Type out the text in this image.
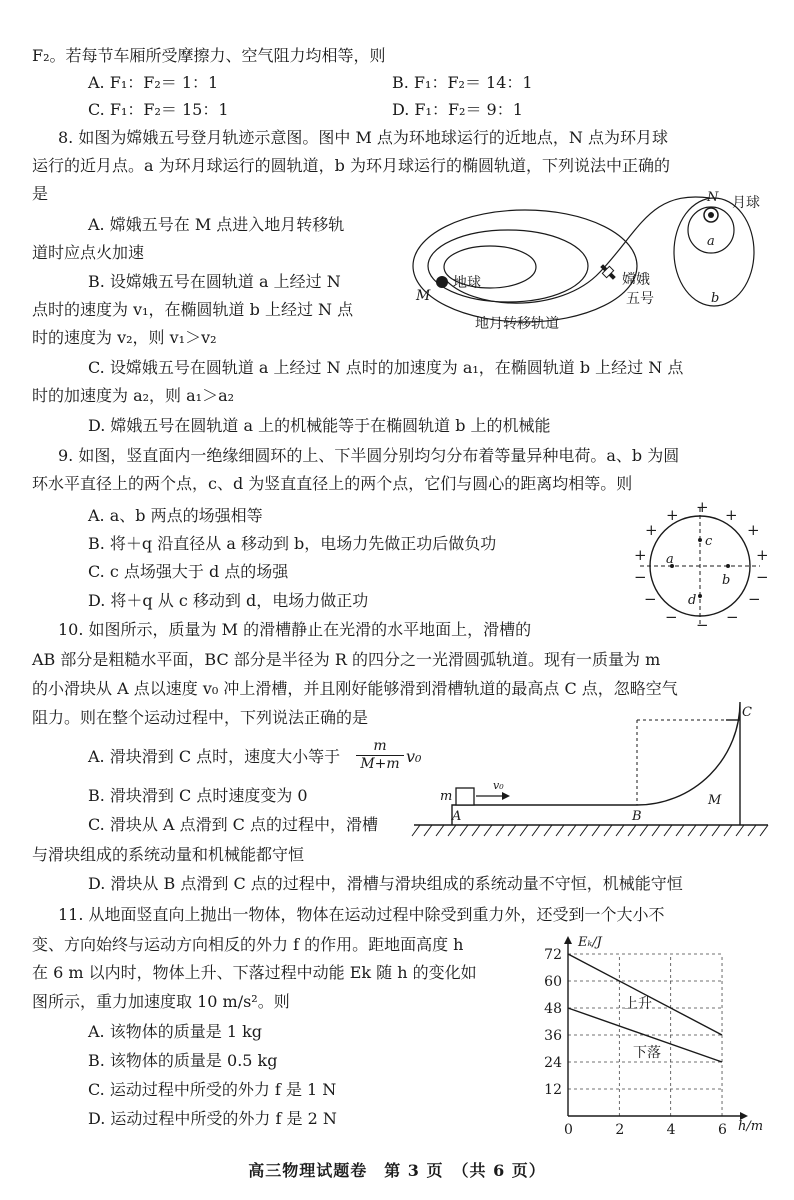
F₂。若每节车厢所受摩擦力、空气阻力均相等，则
A. F₁：F₂＝ 1：1	B. F₁：F₂＝ 14：1
C. F₁：F₂＝ 15：1	D. F₁：F₂＝ 9：1
8. 如图为嫦娥五号登月轨迹示意图。图中 M 点为环地球运行的近地点，N 点为环月球
运行的近月点。a 为环月球运行的圆轨道，b 为环月球运行的椭圆轨道，下列说法中正确的
是
A. 嫦娥五号在 M 点进入地月转移轨
道时应点火加速
B. 设嫦娥五号在圆轨道 a 上经过 N
点时的速度为 v₁，在椭圆轨道 b 上经过 N 点
时的速度为 v₂，则 v₁＞v₂
C. 设嫦娥五号在圆轨道 a 上经过 N 点时的加速度为 a₁，在椭圆轨道 b 上经过 N 点
时的加速度为 a₂，则 a₁＞a₂
D. 嫦娥五号在圆轨道 a 上的机械能等于在椭圆轨道 b 上的机械能
地球
M
N 月球
a
b
嫦娥
五号
地月转移轨道
9. 如图，竖直面内一绝缘细圆环的上、下半圆分别均匀分布着等量异种电荷。a、b 为圆
环水平直径上的两个点，c、d 为竖直直径上的两个点，它们与圆心的距离均相等。则
A. a、b 两点的场强相等
B. 将＋q 沿直径从 a 移动到 b，电场力先做正功后做负功
C. c 点场强大于 d 点的场强
D. 将＋q 从 c 移动到 d，电场力做正功
a
b
c
d
+
+	+
+	+
+	+
−	−
−	−
−	−
−
10. 如图所示，质量为 M 的滑槽静止在光滑的水平地面上，滑槽的
AB 部分是粗糙水平面，BC 部分是半径为 R 的四分之一光滑圆弧轨道。现有一质量为 m
的小滑块从 A 点以速度 v₀ 冲上滑槽，并且刚好能够滑到滑槽轨道的最高点 C 点，忽略空气
阻力。则在整个运动过程中，下列说法正确的是
A. 滑块滑到 C 点时，速度大小等于 $\frac{m}{M+m} v_0$
B. 滑块滑到 C 点时速度变为 0
C. 滑块从 A 点滑到 C 点的过程中，滑槽
与滑块组成的系统动量和机械能都守恒
D. 滑块从 B 点滑到 C 点的过程中，滑槽与滑块组成的系统动量不守恒，机械能守恒
v₀
m
A	B
C
M
11. 从地面竖直向上抛出一物体，物体在运动过程中除受到重力外，还受到一个大小不
变、方向始终与运动方向相反的外力 f 的作用。距地面高度 h
在 6 m 以内时，物体上升、下落过程中动能 Ek 随 h 的变化如
图所示，重力加速度取 10 m/s²。则
A. 该物体的质量是 1 kg
B. 该物体的质量是 0.5 kg
C. 运动过程中所受的外力 f 是 1 N
D. 运动过程中所受的外力 f 是 2 N
12
24
36
48
60
72
0	2	4	6
Eₖ/J
h/m
上升
下落
高三物理试题卷　第 3 页　（共 6 页）
